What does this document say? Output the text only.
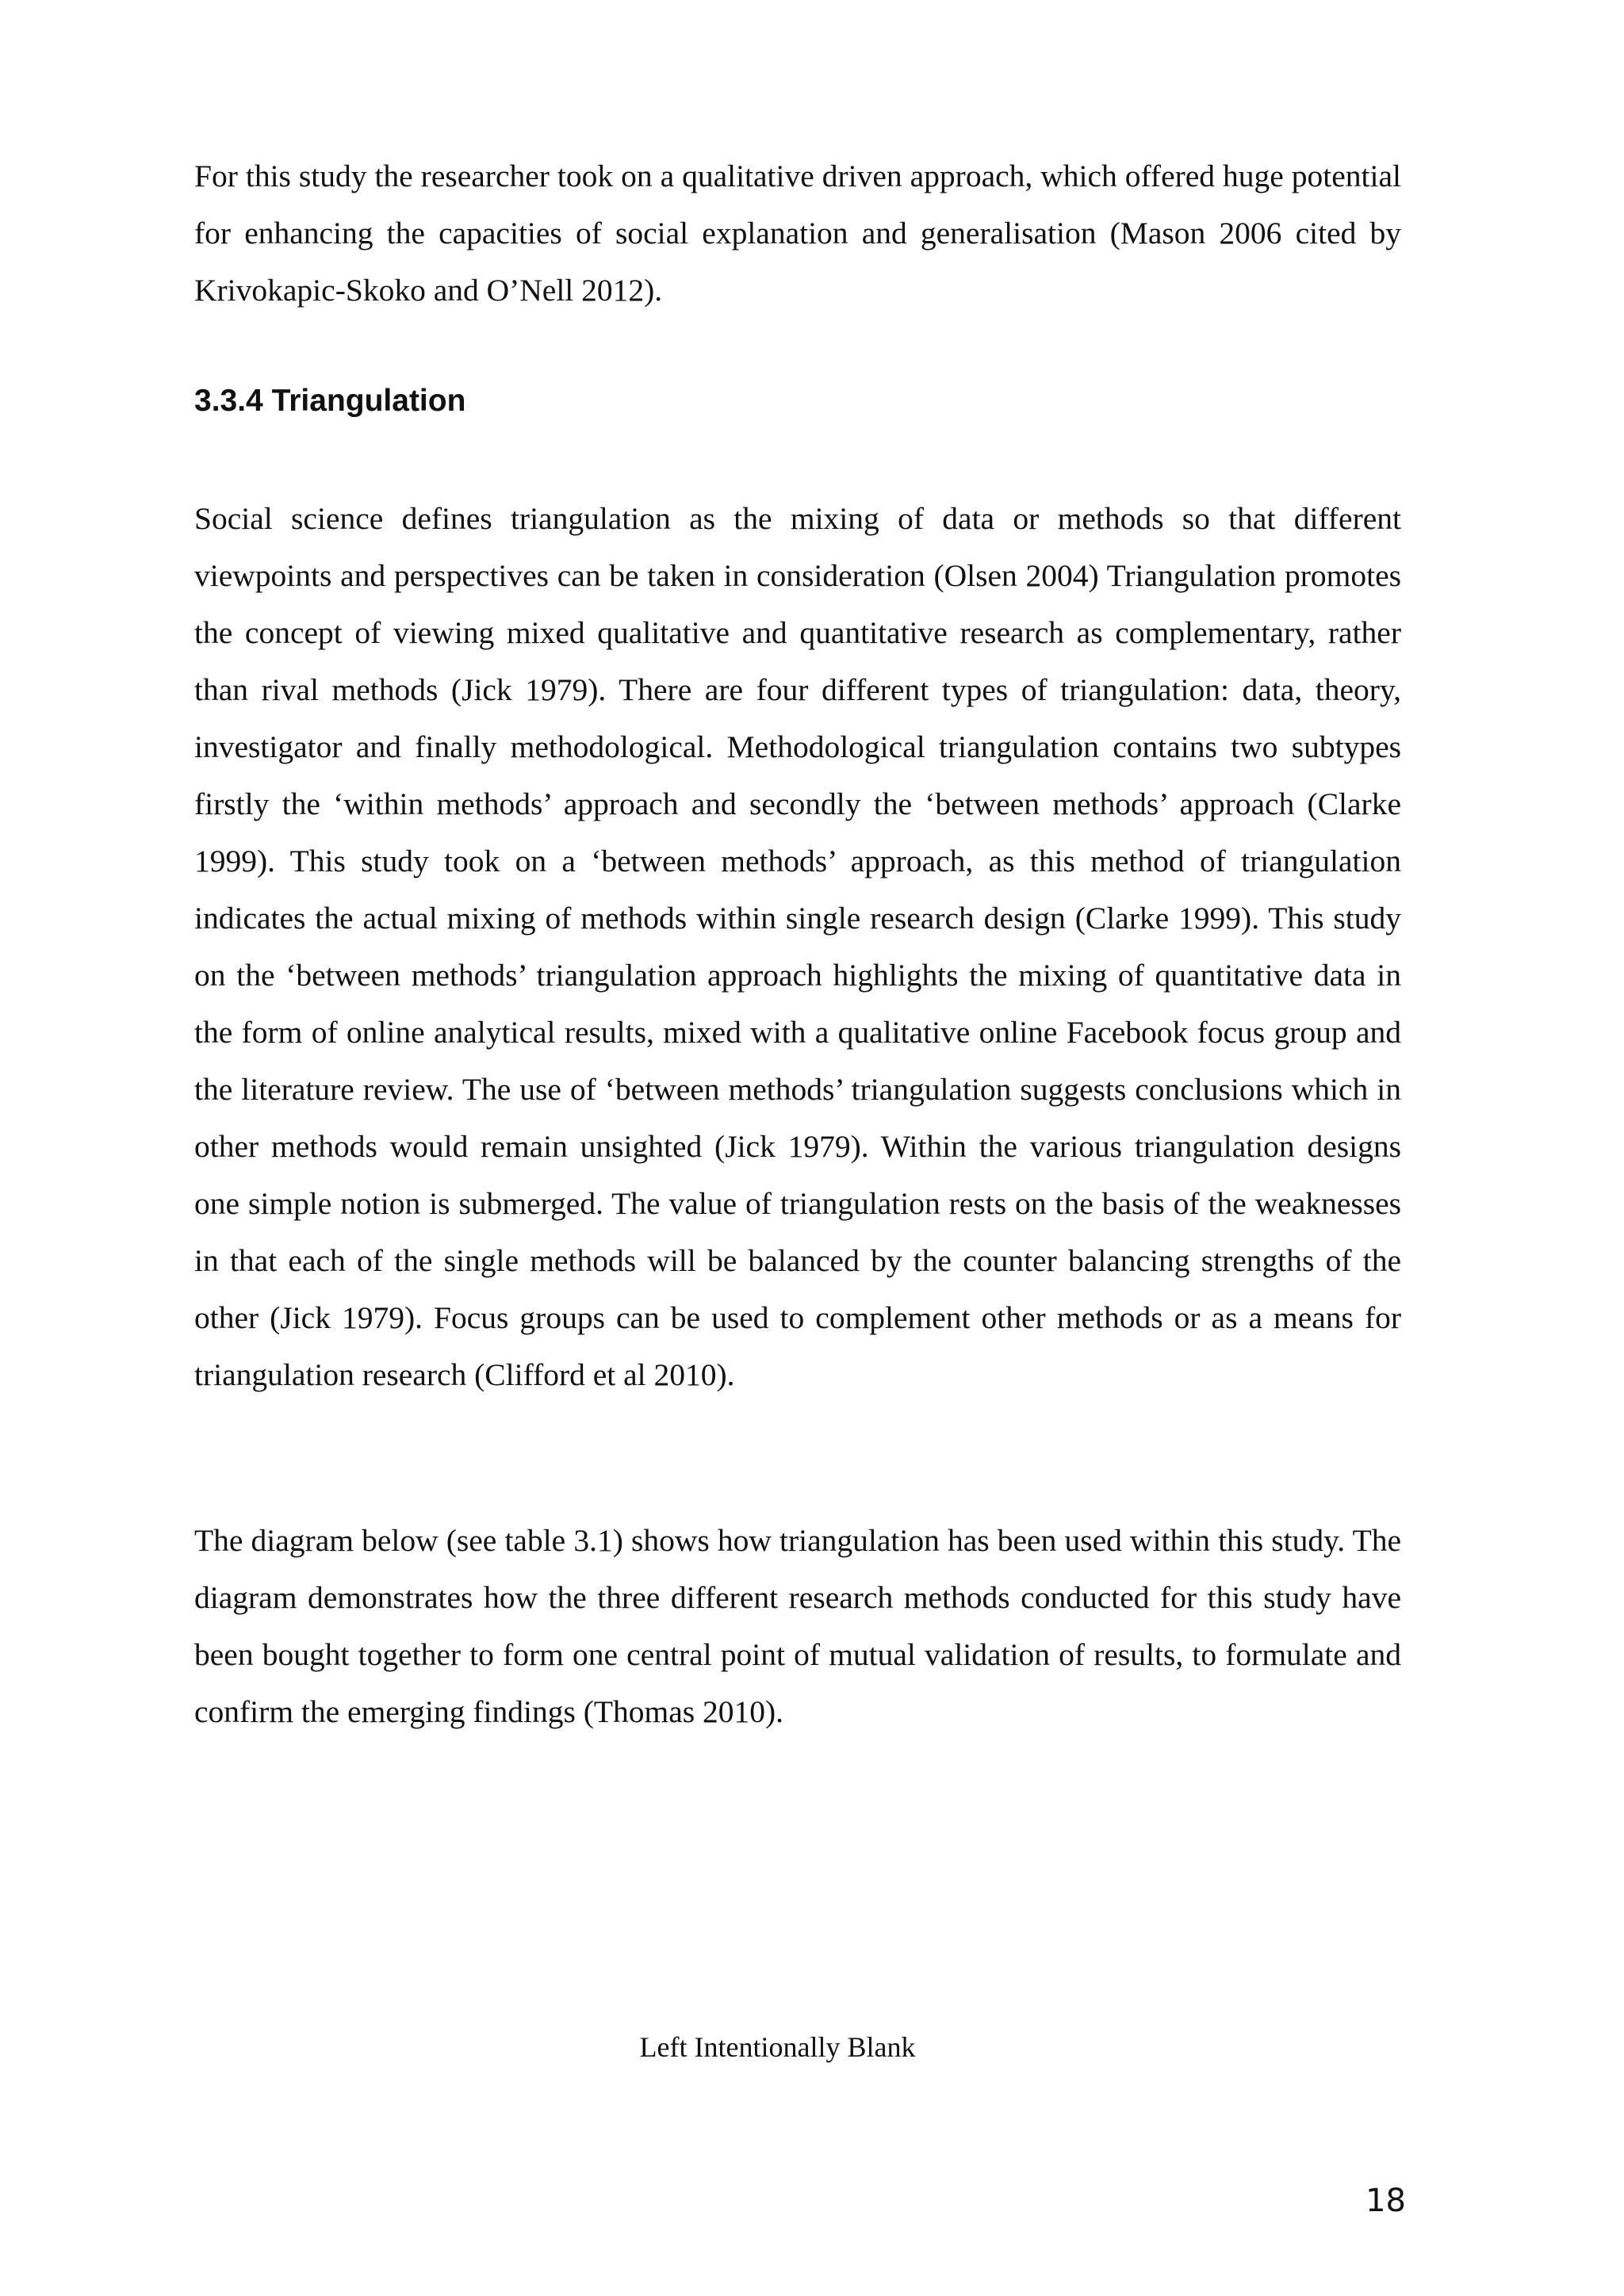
For this study the researcher took on a qualitative driven approach, which offered huge potential for enhancing the capacities of social explanation and generalisation (Mason 2006 cited by Krivokapic-Skoko and O’Nell 2012).

3.3.4 Triangulation

Social science defines triangulation as the mixing of data or methods so that different viewpoints and perspectives can be taken in consideration (Olsen 2004) Triangulation promotes the concept of viewing mixed qualitative and quantitative research as complementary, rather than rival methods (Jick 1979). There are four different types of triangulation: data, theory, investigator and finally methodological. Methodological triangulation contains two subtypes firstly the ‘within methods’ approach and secondly the ‘between methods’ approach (Clarke 1999). This study took on a ‘between methods’ approach, as this method of triangulation indicates the actual mixing of methods within single research design (Clarke 1999). This study on the ‘between methods’ triangulation approach highlights the mixing of quantitative data in the form of online analytical results, mixed with a qualitative online Facebook focus group and the literature review. The use of ‘between methods’ triangulation suggests conclusions which in other methods would remain unsighted (Jick 1979). Within the various triangulation designs one simple notion is submerged. The value of triangulation rests on the basis of the weaknesses in that each of the single methods will be balanced by the counter balancing strengths of the other (Jick 1979). Focus groups can be used to complement other methods or as a means for triangulation research (Clifford et al 2010).

The diagram below (see table 3.1) shows how triangulation has been used within this study. The diagram demonstrates how the three different research methods conducted for this study have been bought together to form one central point of mutual validation of results, to formulate and confirm the emerging findings (Thomas 2010).

Left Intentionally Blank

18
